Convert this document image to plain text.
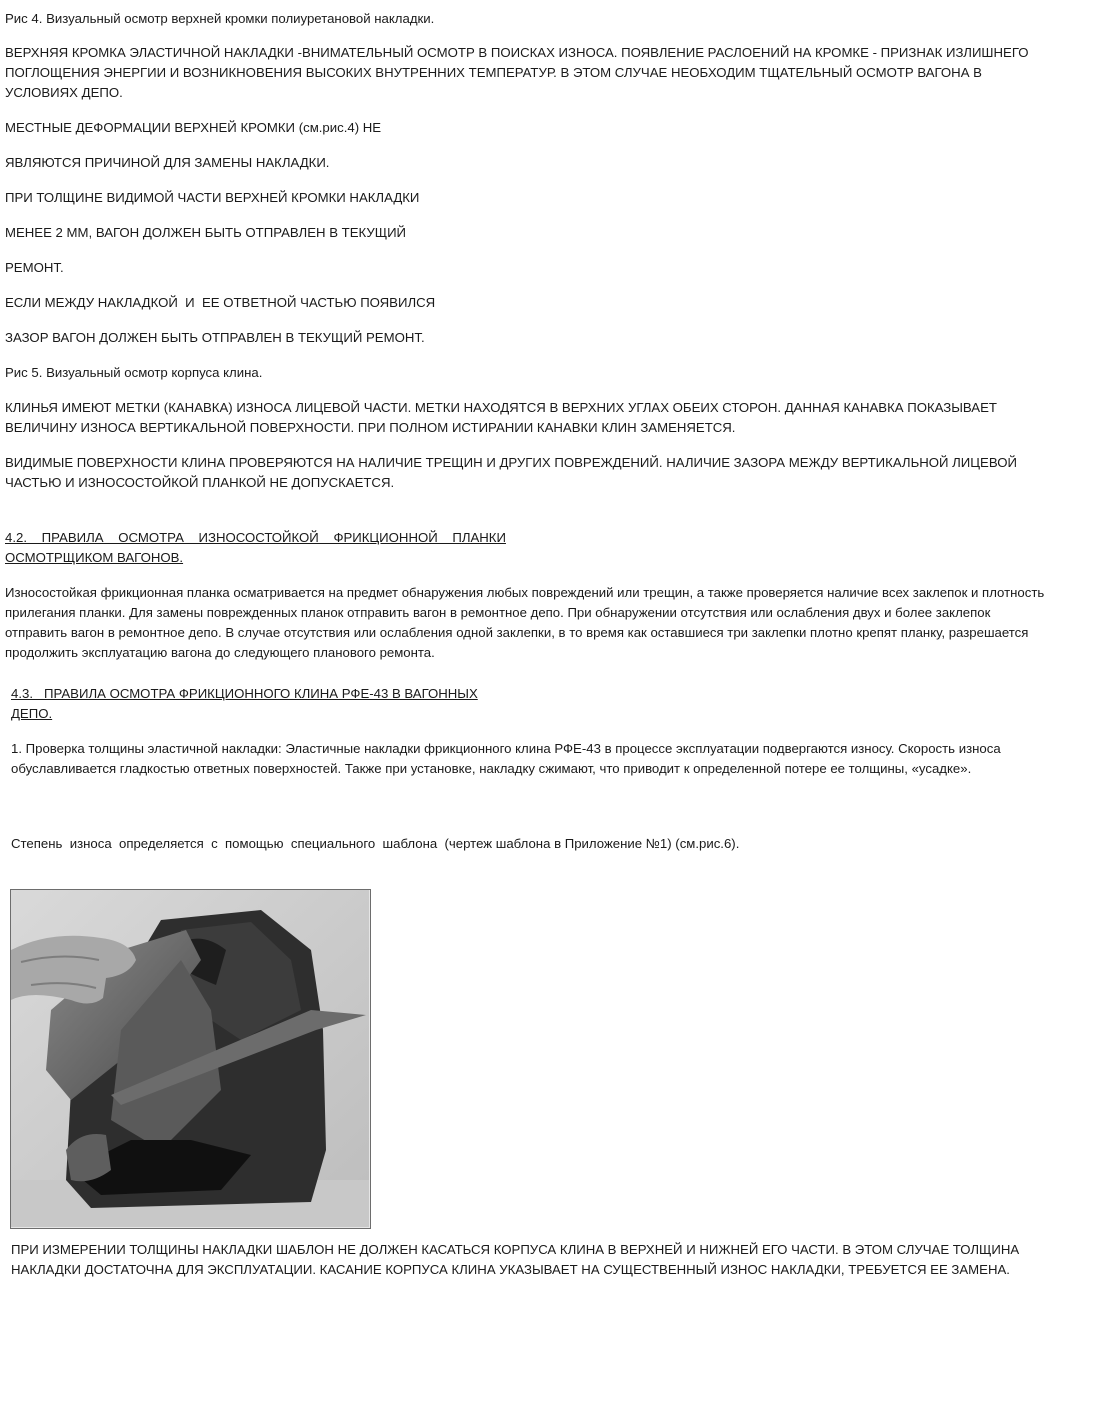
Рис 4. Визуальный осмотр верхней кромки полиуретановой накладки.

ВЕРХНЯЯ КРОМКА ЭЛАСТИЧНОЙ НАКЛАДКИ -ВНИМАТЕЛЬНЫЙ ОСМОТР В ПОИСКАХ ИЗНОСА. ПОЯВЛЕНИЕ РАСЛОЕНИЙ НА КРОМКЕ - ПРИЗНАК ИЗЛИШНЕГО ПОГЛОЩЕНИЯ ЭНЕРГИИ И ВОЗНИКНОВЕНИЯ ВЫСОКИХ ВНУТРЕННИХ ТЕМПЕРАТУР. В ЭТОМ СЛУЧАЕ НЕОБХОДИМ ТЩАТЕЛЬНЫЙ ОСМОТР ВАГОНА В УСЛОВИЯХ ДЕПО.

МЕСТНЫЕ ДЕФОРМАЦИИ ВЕРХНЕЙ КРОМКИ (см.рис.4) НЕ

ЯВЛЯЮТСЯ ПРИЧИНОЙ ДЛЯ ЗАМЕНЫ НАКЛАДКИ.

ПРИ ТОЛЩИНЕ ВИДИМОЙ ЧАСТИ ВЕРХНЕЙ КРОМКИ НАКЛАДКИ

МЕНЕЕ 2 ММ, ВАГОН ДОЛЖЕН БЫТЬ ОТПРАВЛЕН В ТЕКУЩИЙ

РЕМОНТ.

ЕСЛИ МЕЖДУ НАКЛАДКОЙ  И  ЕЕ ОТВЕТНОЙ ЧАСТЬЮ ПОЯВИЛСЯ

ЗАЗОР ВАГОН ДОЛЖЕН БЫТЬ ОТПРАВЛЕН В ТЕКУЩИЙ РЕМОНТ.

Рис 5. Визуальный осмотр корпуса клина.

КЛИНЬЯ ИМЕЮТ МЕТКИ (КАНАВКА) ИЗНОСА ЛИЦЕВОЙ ЧАСТИ. МЕТКИ НАХОДЯТСЯ В ВЕРХНИХ УГЛАХ ОБЕИХ СТОРОН. ДАННАЯ КАНАВКА ПОКАЗЫВАЕТ ВЕЛИЧИНУ ИЗНОСА ВЕРТИКАЛЬНОЙ ПОВЕРХНОСТИ. ПРИ ПОЛНОМ ИСТИРАНИИ КАНАВКИ КЛИН ЗАМЕНЯЕТСЯ.

ВИДИМЫЕ ПОВЕРХНОСТИ КЛИНА ПРОВЕРЯЮТСЯ НА НАЛИЧИЕ ТРЕЩИН И ДРУГИХ ПОВРЕЖДЕНИЙ. НАЛИЧИЕ ЗАЗОРА МЕЖДУ ВЕРТИКАЛЬНОЙ ЛИЦЕВОЙ ЧАСТЬЮ И ИЗНОСОСТОЙКОЙ ПЛАНКОЙ НЕ ДОПУСКАЕТСЯ.

4.2.    ПРАВИЛА    ОСМОТРА    ИЗНОСОСТОЙКОЙ    ФРИКЦИОННОЙ    ПЛАНКИ

ОСМОТРЩИКОМ ВАГОНОВ.

Износостойкая фрикционная планка осматривается на предмет обнаружения любых повреждений или трещин, а также проверяется наличие всех заклепок и плотность прилегания планки. Для замены поврежденных планок отправить вагон в ремонтное депо. При обнаружении отсутствия или ослабления двух и более заклепок отправить вагон в ремонтное депо. В случае отсутствия или ослабления одной заклепки, в то время как оставшиеся три заклепки плотно крепят планку, разрешается продолжить эксплуатацию вагона до следующего планового ремонта.

4.3.   ПРАВИЛА ОСМОТРА ФРИКЦИОННОГО КЛИНА РФЕ-43 В ВАГОННЫХ

ДЕПО.

1. Проверка толщины эластичной накладки: Эластичные накладки фрикционного клина РФЕ-43 в процессе эксплуатации подвергаются износу. Скорость износа обуславливается гладкостью ответных поверхностей. Также при установке, накладку сжимают, что приводит к определенной потере ее толщины, «усадке».

Степень  износа  определяется  с  помощью  специального  шаблона  (чертеж шаблона в Приложение №1) (см.рис.6).

ПРИ ИЗМЕРЕНИИ ТОЛЩИНЫ НАКЛАДКИ ШАБЛОН НЕ ДОЛЖЕН КАСАТЬСЯ КОРПУСА КЛИНА В ВЕРХНЕЙ И НИЖНЕЙ ЕГО ЧАСТИ. В ЭТОМ СЛУЧАЕ ТОЛЩИНА НАКЛАДКИ ДОСТАТОЧНА ДЛЯ ЭКСПЛУАТАЦИИ. КАСАНИЕ КОРПУСА КЛИНА УКАЗЫВАЕТ НА СУЩЕСТВЕННЫЙ ИЗНОС НАКЛАДКИ, ТРЕБУЕТСЯ ЕЕ ЗАМЕНА.
